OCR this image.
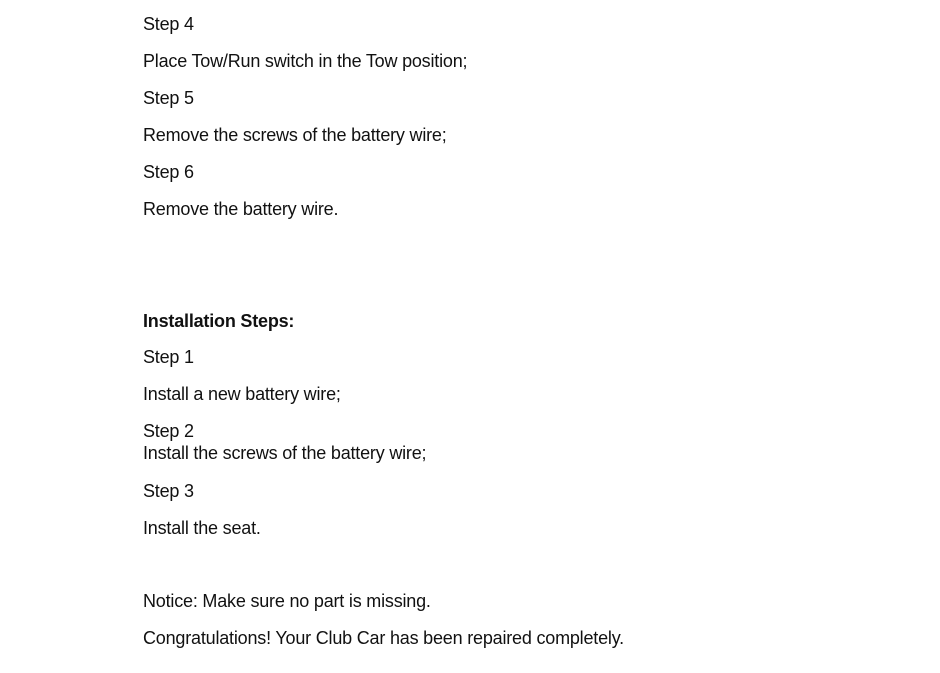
Step 4
Place Tow/Run switch in the Tow position;
Step 5
Remove the screws of the battery wire;
Step 6
Remove the battery wire.
Installation Steps:
Step 1
Install a new battery wire;
Step 2
Install the screws of the battery wire;
Step 3
Install the seat.
Notice: Make sure no part is missing.
Congratulations! Your Club Car has been repaired completely.
